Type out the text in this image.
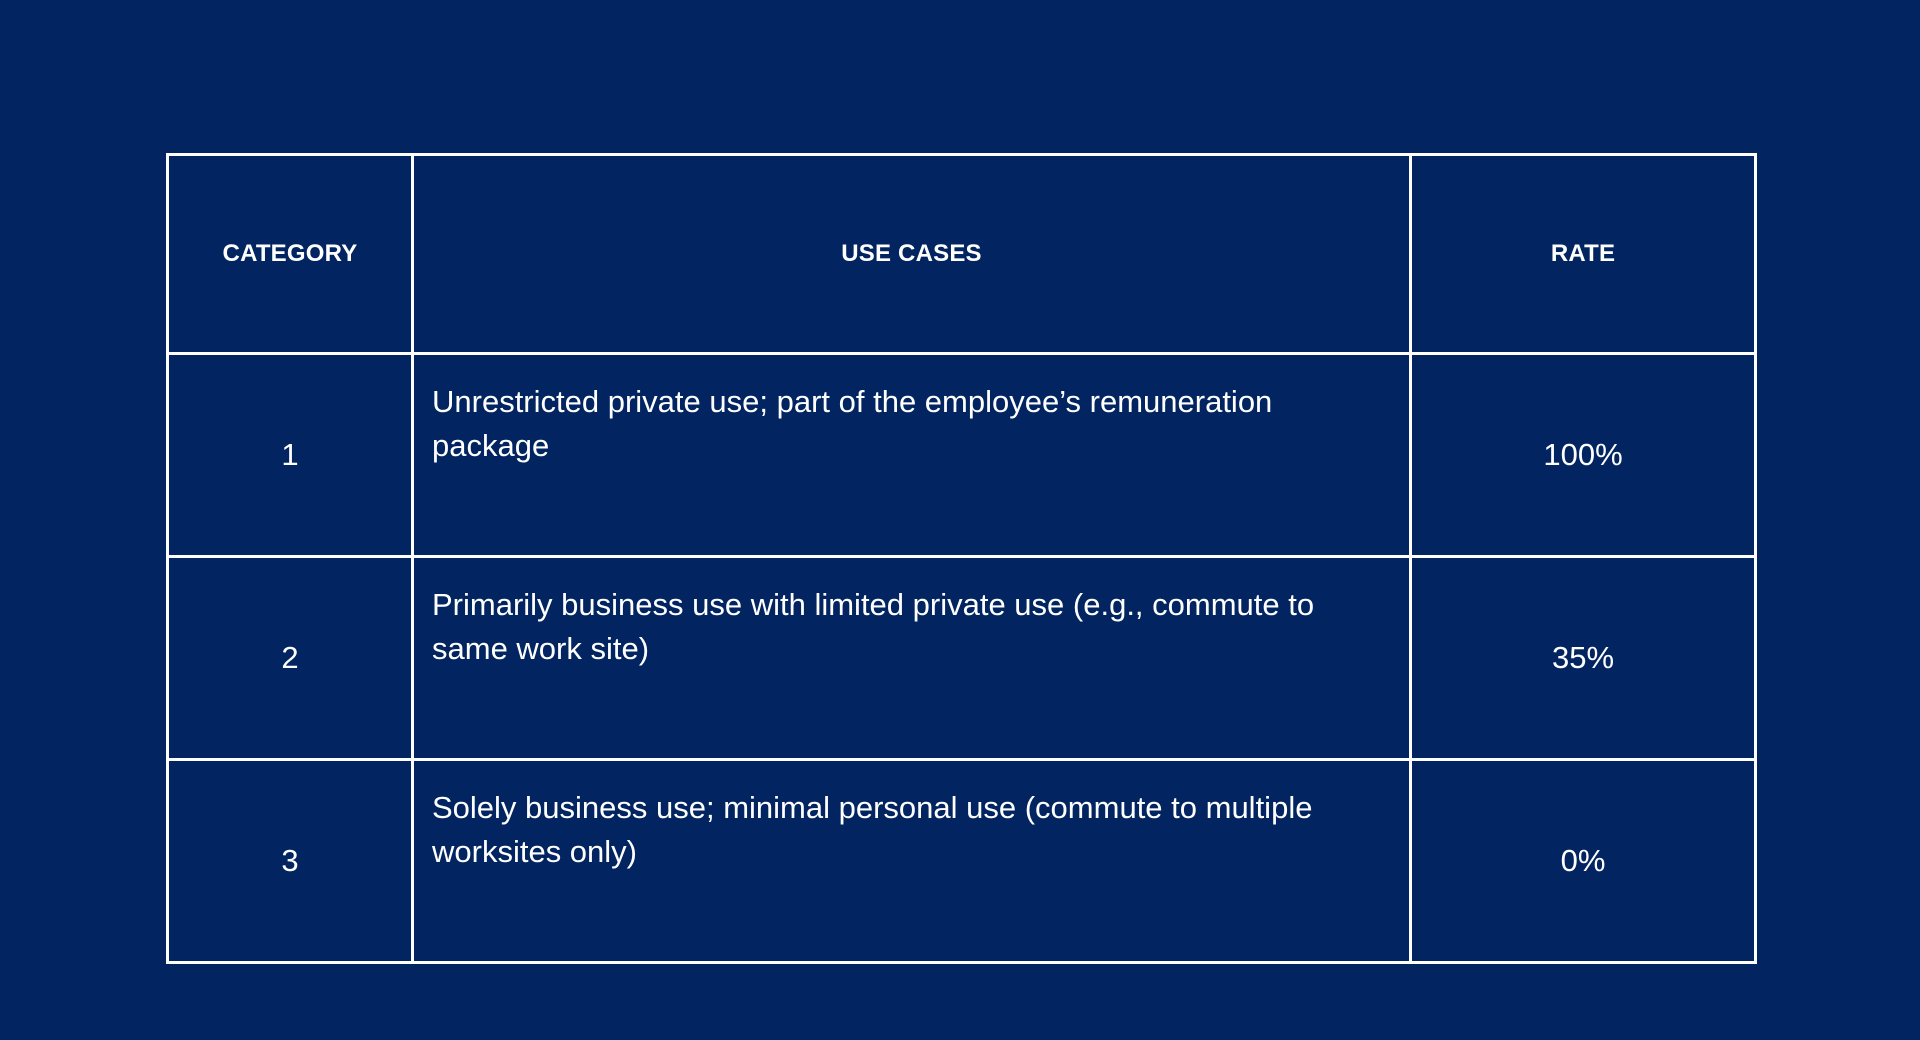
CATEGORY	USE CASES	RATE
1	Unrestricted private use; part of the employee’s remuneration package	100%
2	Primarily business use with limited private use (e.g., commute to same work site)	35%
3	Solely business use; minimal personal use (commute to multiple worksites only)	0%
